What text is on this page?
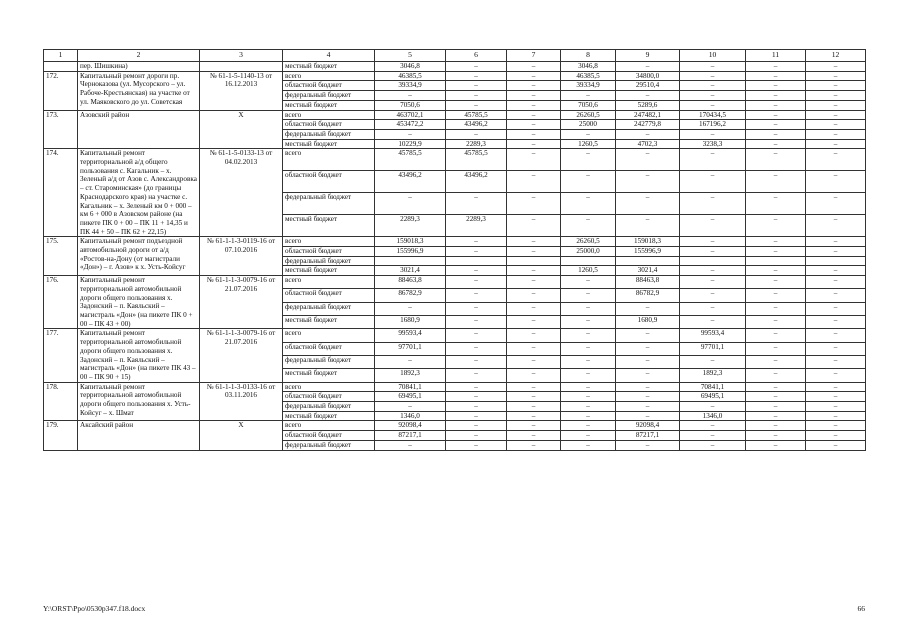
1	2	3	4	5	6	7	8	9	10	11	12
	пер. Шишкина)		местный бюджет	3046,8	–	–	3046,8	–	–	–	–
172.	Капитальный ремонт дороги пр. Черноказова (ул. Мусорского – ул. Рабоче-Крестьянская) на участке от ул. Маяковского до ул. Советская	№ 61-1-5-1140-13 от 16.12.2013	всего	46385,5	–	–	46385,5	34800,0	–	–	–
			областной бюджет	39334,9	–	–	39334,9	29510,4	–	–	–
			федеральный бюджет	–	–	–	–	–	–	–	–
			местный бюджет	7050,6	–	–	7050,6	5289,6	–	–	–
173.	Азовский район	X	всего	463702,1	45785,5	–	26260,5	247482,1	170434,5	–	–
			областной бюджет	453472,2	43496,2	–	25000	242779,8	167196,2	–	–
			федеральный бюджет	–	–	–	–	–	–	–	–
			местный бюджет	10229,9	2289,3	–	1260,5	4702,3	3238,3	–	–
174.	Капитальный ремонт территориальной а/д общего пользования с. Кагальник – х. Зеленый а/д от Азов с. Александровка – ст. Староминская» (до границы Краснодарского края) на участке с. Кагальник – х. Зеленый км 0 + 000 – км 6 + 000 в Азовском районе (на пикете ПК 0 + 00 – ПК 11 + 14,35 и ПК 44 + 50 – ПК 62 + 22,15)	№ 61-1-5-0133-13 от 04.02.2013	всего	45785,5	45785,5	–	–	–	–	–	–
			областной бюджет	43496,2	43496,2	–	–	–	–	–	–
			федеральный бюджет	–	–	–	–	–	–	–	–
			местный бюджет	2289,3	2289,3	–	–	–	–	–	–
175.	Капитальный ремонт подъездной автомобильной дороги от а/д «Ростов-на-Дону (от магистрали «Дон») – г. Азов» к х. Усть-Койсуг	№ 61-1-1-3-0119-16 от 07.10.2016	всего	159018,3	–	–	26260,5	159018,3	–	–	–
			областной бюджет	155996,9	–	–	25000,0	155996,9	–	–	–
			федеральный бюджет								
			местный бюджет	3021,4	–	–	1260,5	3021,4	–	–	–
176.	Капитальный ремонт территориальной автомобильной дороги общего пользования х. Задонский – п. Каяльский – магистраль «Дон» (на пикете ПК 0 + 00 – ПК 43 + 00)	№ 61-1-1-3-0079-16 от 21.07.2016	всего	88463,8	–	–	–	88463,8	–	–	–
			областной бюджет	86782,9	–	–	–	86782,9	–	–	–
			федеральный бюджет	–	–	–	–	–	–	–	–
			местный бюджет	1680,9	–	–	–	1680,9	–	–	–
177.	Капитальный ремонт территориальной автомобильной дороги общего пользования х. Задонский – п. Каяльский – магистраль «Дон» (на пикете ПК 43 – 00 – ПК 90 + 15)	№ 61-1-1-3-0079-16 от 21.07.2016	всего	99593,4	–	–	–	–	99593,4	–	–
			областной бюджет	97701,1	–	–	–	–	97701,1	–	–
			федеральный бюджет	–	–	–	–	–	–	–	–
			местный бюджет	1892,3	–	–	–	–	1892,3	–	–
178.	Капитальный ремонт территориальной автомобильной дороги общего пользования х. Усть-Койсуг – х. Шмат	№ 61-1-1-3-0133-16 от 03.11.2016	всего	70841,1	–	–	–	–	70841,1	–	–
			областной бюджет	69495,1	–	–	–	–	69495,1	–	–
			федеральный бюджет	–	–	–	–	–	–	–	–
			местный бюджет	1346,0	–	–	–	–	1346,0	–	–
179.	Аксайский район	X	всего	92098,4	–	–	–	92098,4	–	–	–
			областной бюджет	87217,1	–	–	–	87217,1	–	–	–
			федеральный бюджет	–	–	–	–	–	–	–	–
Y:\ORST\Ppo\0530p347.f18.docx	66
